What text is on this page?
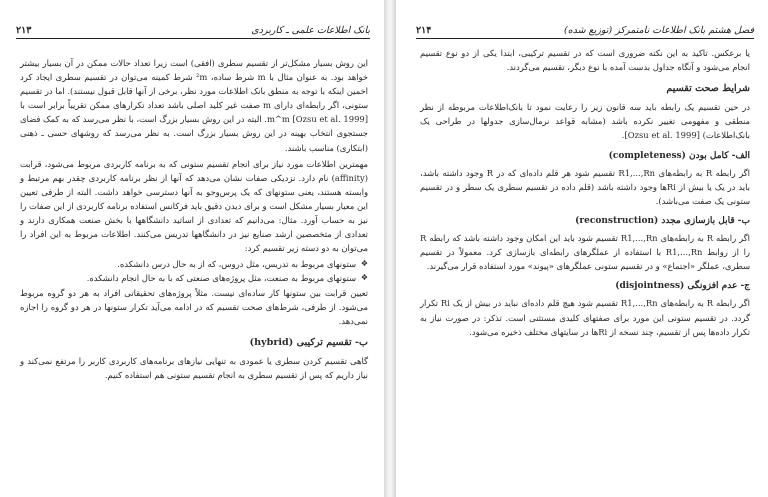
۲۱۳	بانک اطلاعات علمی ـ کاربردی

این روش بسیار مشکل‌تر از تقسیم سطری (افقی) است زیرا تعداد حالات ممکن در آن بسیار بیشتر خواهد بود. به عنوان مثال با m شرط ساده، ²m شرط کمینه می‌توان در تقسیم سطری ایجاد کرد اخمین اینکه با توجه به منطق بانک اطلاعات مورد نظر، برخی از آنها قابل قبول نیستند). اما در تقسیم ستونی، اگر رابطه‌ای دارای m صفت غیر کلید اصلی باشد تعداد تکرارهای ممکن تقریباً برابر است با m^m [Ozsu et al. 1999]. البته در این روش بسیار بزرگ است، با نظر می‌رسد که به کمک فضای جستجوی انتخاب بهینه در این روش بسیار بزرگ است. به نظر می‌رسد که روشهای حسی ـ ذهنی (ابتکاری) مناسب باشند.

مهمترین اطلاعات مورد نیاز برای انجام تقسیم ستونی که به برنامه کاربردی مربوط می‌شود، قرابت (affinity) نام دارد. نزدیکی صفات نشان می‌دهد که آنها از نظر برنامه کاربردی چقدر بهم مرتبط و وابسته هستند، یعنی ستونهای که یک پرس‌وجو به آنها دسترسی خواهد داشت. البته از طرفی تعیین این معیار بسیار مشکل است و برای دیدن دقیق باید فرکانس استفاده برنامه کاربردی از این صفات را نیز به حساب آورد. مثال: می‌دانیم که تعدادی از اساتید دانشگاهها با بخش صنعت همکاری دارند و تعدادی از متخصصین ارشد صنایع نیز در دانشگاهها تدریس می‌کنند. اطلاعات مربوط به این افراد را می‌توان به دو دسته زیر تقسیم کرد:

❖ ستونهای مربوط به تدریس، مثل دروس، که از به حال درس دانشکده.

❖ ستونهای مربوط به صنعت، مثل پروژه‌های صنعتی که با به حال انجام دانشکده.

تعیین قرابت بین ستونها کار ساده‌ای نیست. مثلاً پروژه‌های تحقیقاتی افراد به هر دو گروه مربوط می‌شود. از طرفی، شرط‌های صحت تقسیم که در ادامه می‌آید تکرار ستونها در هر دو گروه را اجازه نمی‌دهد.

ب- تقسیم ترکیبی (hybrid)

گاهی تقسیم کردن سطری یا عمودی به تنهایی نیازهای برنامه‌های کاربردی کاربر را مرتفع نمی‌کند و نیاز داریم که پس از تقسیم سطری به انجام تقسیم ستونی هم استفاده کنیم.

۲۱۴	فصل هشتم بانک اطلاعات نامتمرکز (توزیع شده)

یا برعکس. تاکید به این نکته ضروری است که در تقسیم ترکیبی، ابتدا یکی از دو نوع تقسیم انجام می‌شود و آنگاه جداول بدست آمده با نوع دیگر، تقسیم می‌گردند.

شرایط صحت تقسیم

در حین تقسیم یک رابطه باید سه قانون زیر را رعایت نمود تا بانک‌اطلاعات مربوطه از نظر منطقی و مفهومی تغییر نکرده باشد (مشابه قواعد نرمال‌سازی جدولها در طراحی یک بانک‌اطلاعات) [Ozsu et al. 1999].

الف- کامل بودن (completeness)

اگر رابطه R به رابطه‌های R1,...,Rn تقسیم شود هر قلم داده‌ای که در R وجود داشته باشد، باید در یک یا بیش از Riها وجود داشته باشد (قلم داده در تقسیم سطری یک سطر و در تقسیم ستونی یک صفت می‌باشد).

ب- قابل بازسازی مجدد (reconstruction)

اگر رابطه R به رابطه‌های R1,...,Rn تقسیم شود باید این امکان وجود داشته باشد که رابطه R را از روابط R1,...,Rn با استفاده از عملگرهای رابطه‌ای بازسازی کرد. معمولاً در تقسیم سطری، عملگر «اجتماع» و در تقسیم ستونی عملگرهای «پیوند» مورد استفاده قرار می‌گیرند.

ج- عدم افزونگی (disjointness)

اگر رابطه R به رابطه‌های R1,...,Rn تقسیم شود هیچ قلم داده‌ای نباید در بیش از یک Ri تکرار گردد. در تقسیم ستونی این مورد برای صفتهای کلیدی مستثنی است. تذکر: در صورت نیاز به تکرار داده‌ها پس از تقسیم، چند نسخه از Riها در سایتهای مختلف ذخیره می‌شود.
